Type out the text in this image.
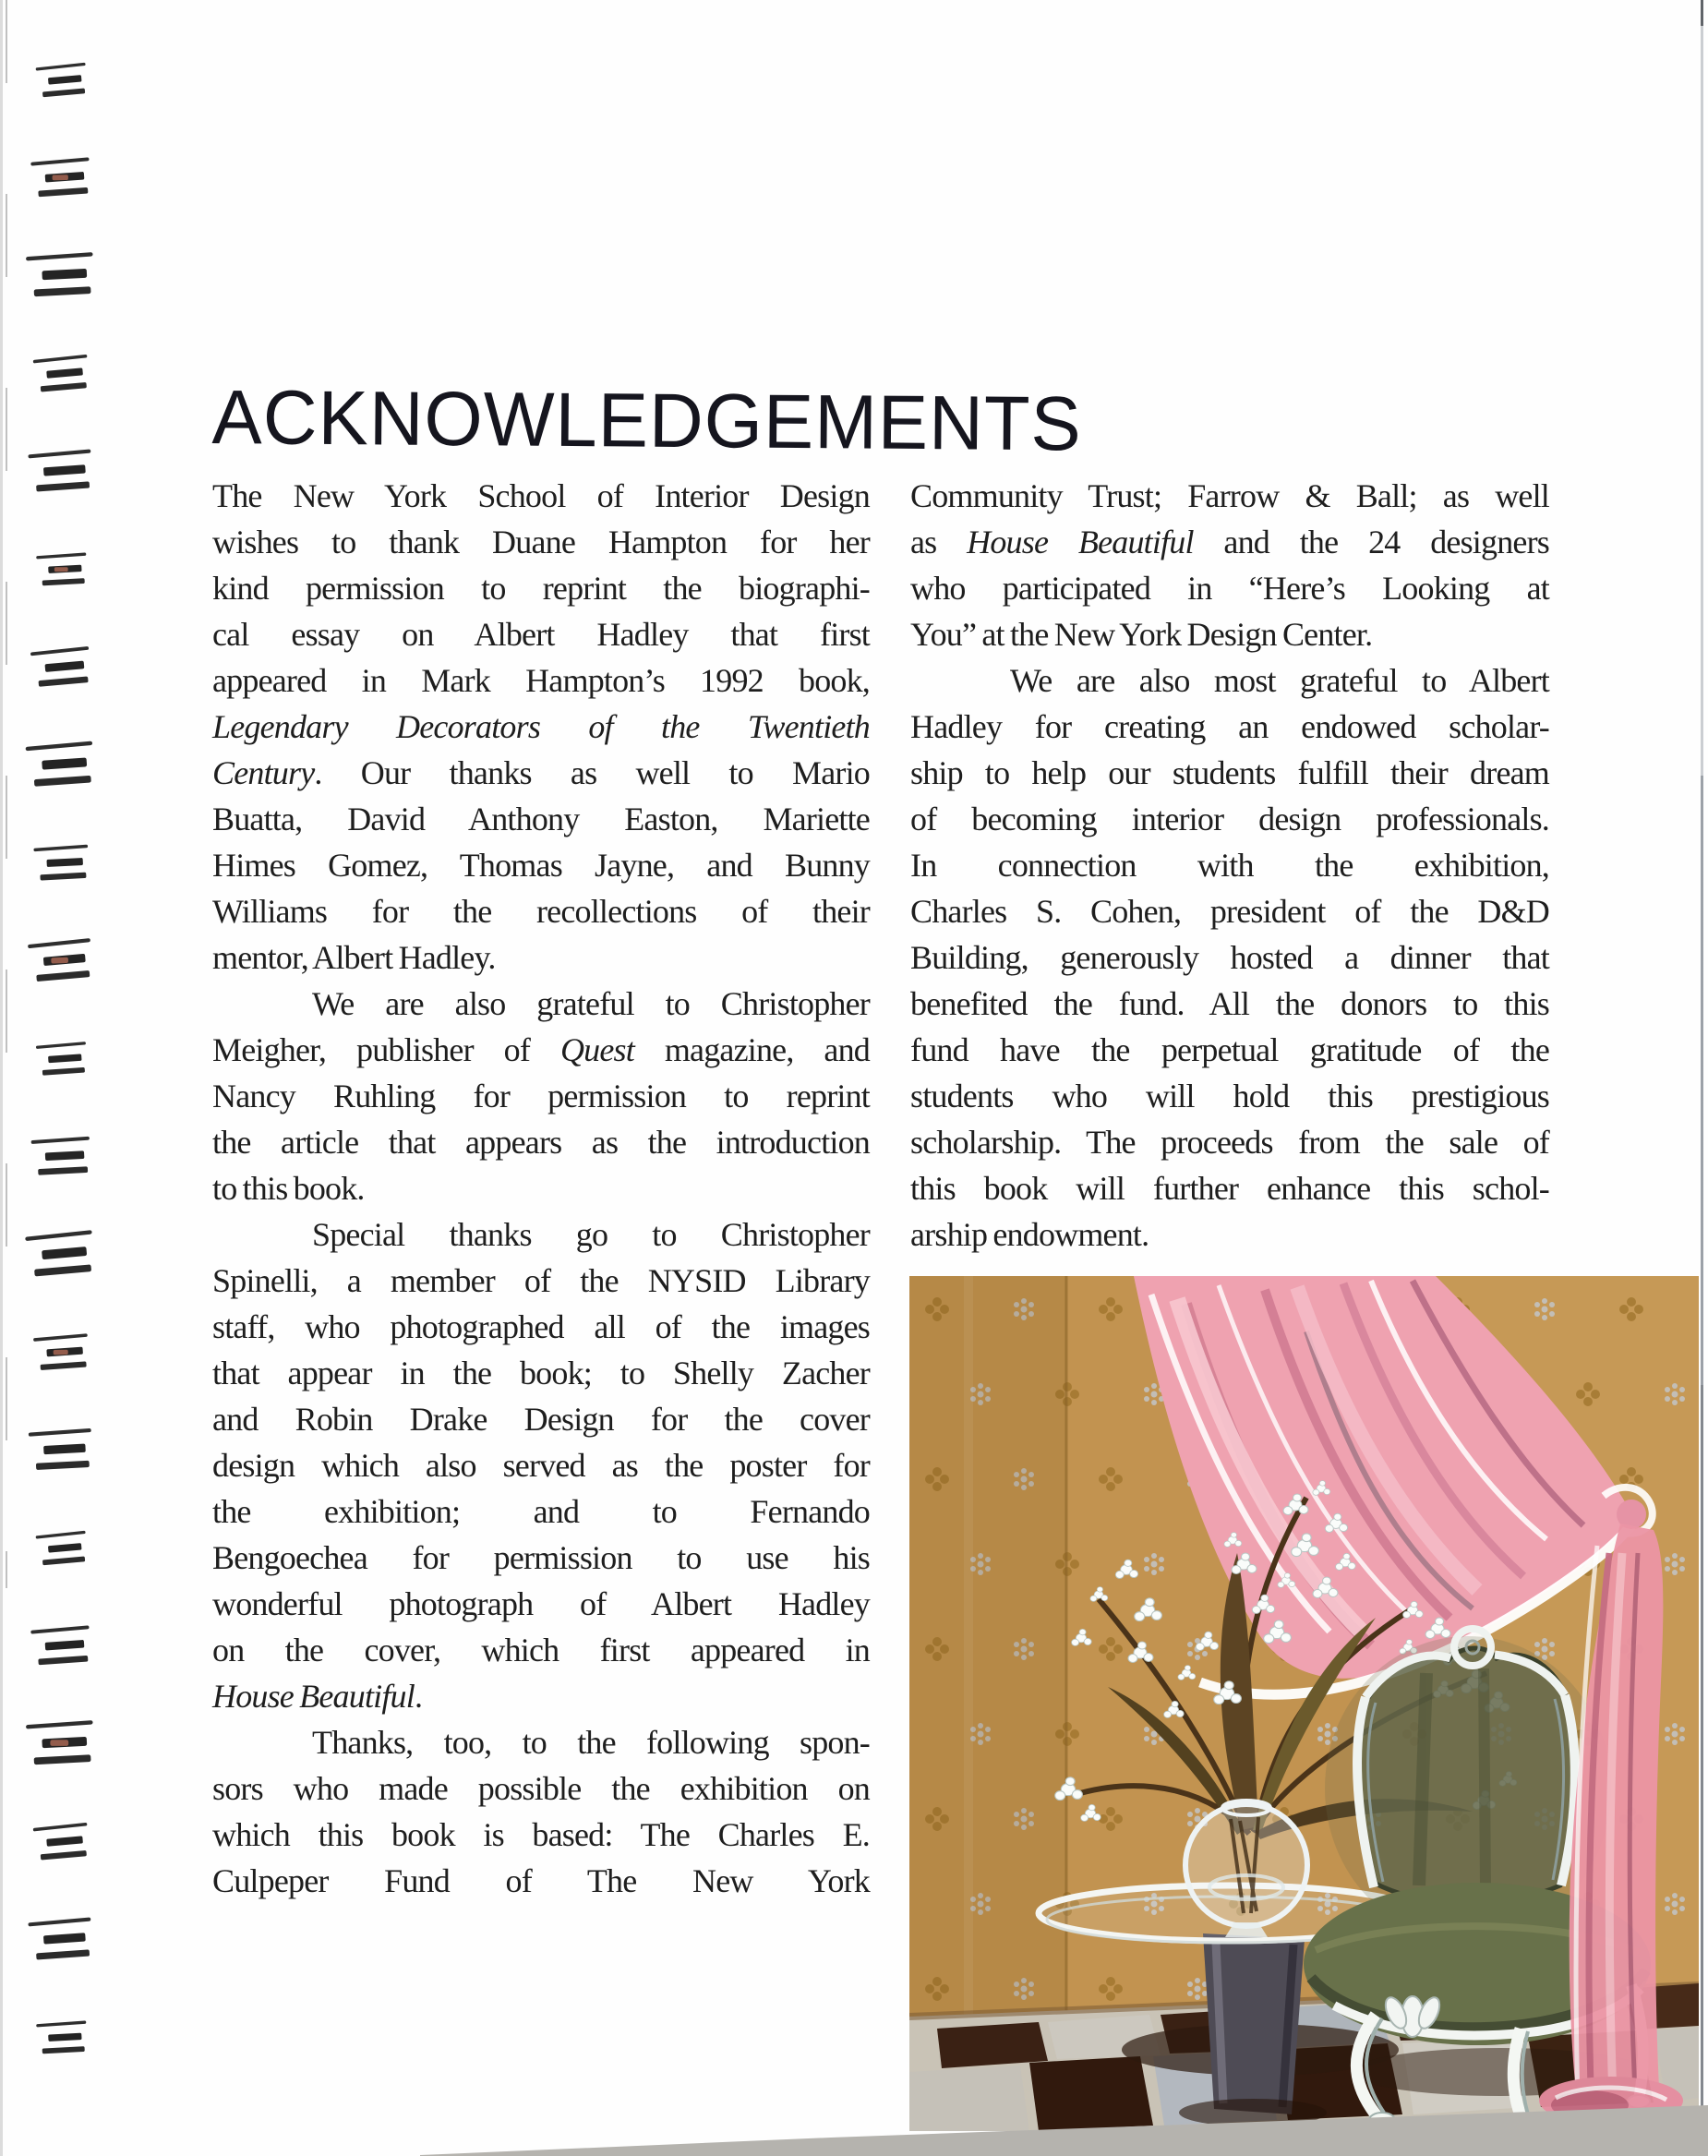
ACKNOWLEDGEMENTS
The New York School of Interior Design
wishes to thank Duane Hampton for her
kind permission to reprint the biographi-
cal essay on Albert Hadley that first
appeared in Mark Hampton’s 1992 book,
Legendary Decorators of the Twentieth
Century. Our thanks as well to Mario
Buatta, David Anthony Easton, Mariette
Himes Gomez, Thomas Jayne, and Bunny
Williams for the recollections of their
mentor, Albert Hadley.
We are also grateful to Christopher
Meigher, publisher of Quest magazine, and
Nancy Ruhling for permission to reprint
the article that appears as the introduction
to this book.
Special thanks go to Christopher
Spinelli, a member of the NYSID Library
staff, who photographed all of the images
that appear in the book; to Shelly Zacher
and Robin Drake Design for the cover
design which also served as the poster for
the exhibition; and to Fernando
Bengoechea for permission to use his
wonderful photograph of Albert Hadley
on the cover, which first appeared in
House Beautiful.
Thanks, too, to the following spon-
sors who made possible the exhibition on
which this book is based: The Charles E.
Culpeper Fund of The New York
Community Trust; Farrow & Ball; as well
as House Beautiful and the 24 designers
who participated in “Here’s Looking at
You” at the New York Design Center.
We are also most grateful to Albert
Hadley for creating an endowed scholar-
ship to help our students fulfill their dream
of becoming interior design professionals.
In connection with the exhibition,
Charles S. Cohen, president of the D&D
Building, generously hosted a dinner that
benefited the fund. All the donors to this
fund have the perpetual gratitude of the
students who will hold this prestigious
scholarship. The proceeds from the sale of
this book will further enhance this schol-
arship endowment.
